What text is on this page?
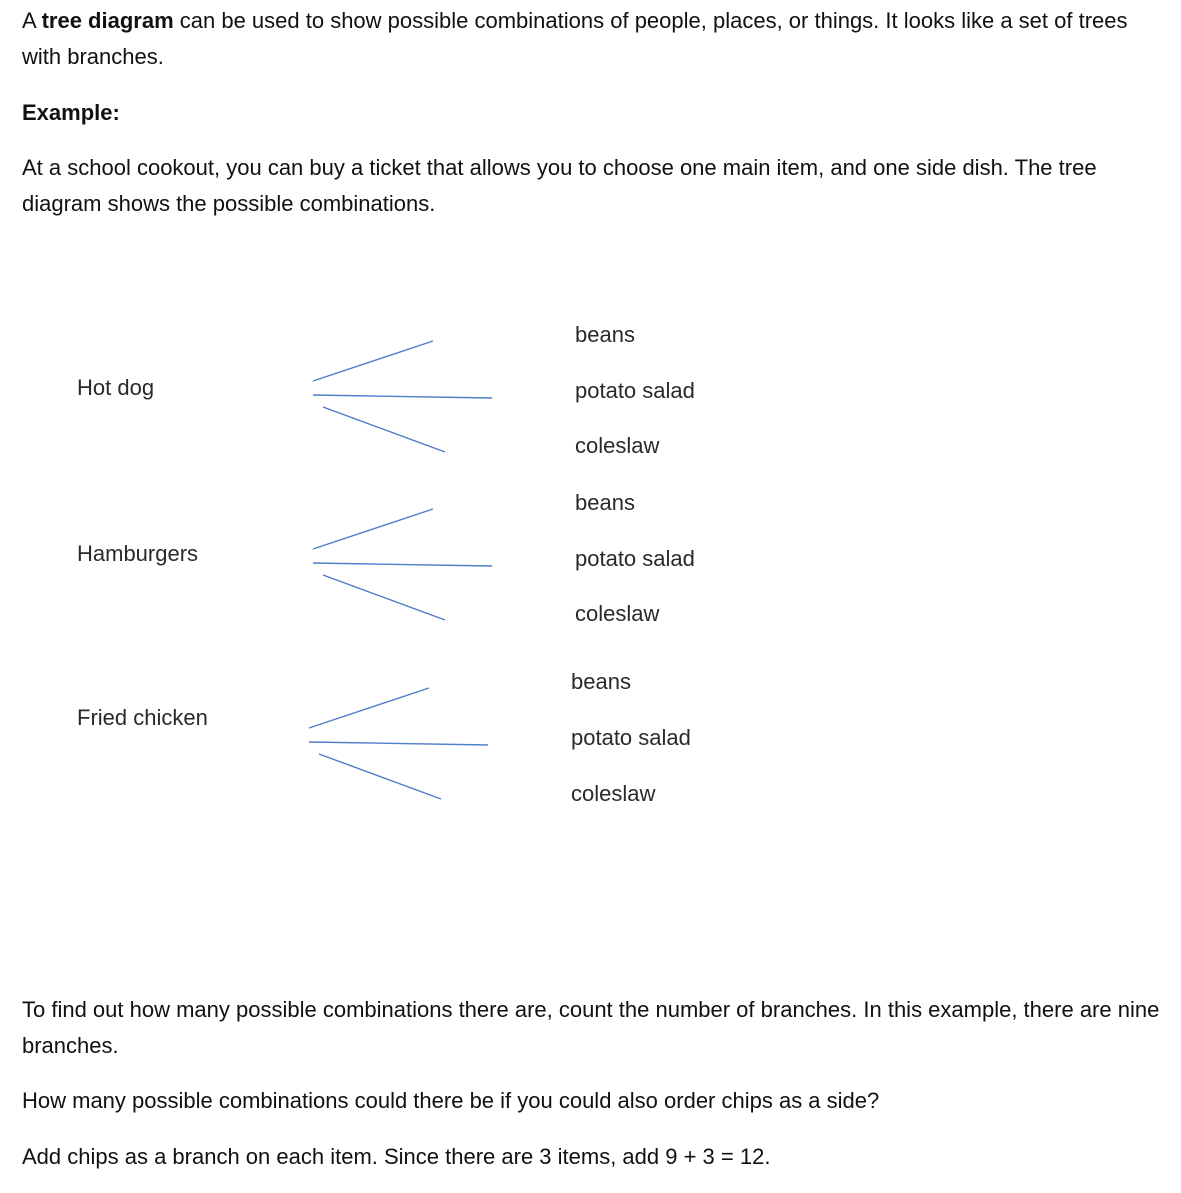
A tree diagram can be used to show possible combinations of people, places, or things. It looks like a set of trees with branches.

Example:

At a school cookout, you can buy a ticket that allows you to choose one main item, and one side dish. The tree diagram shows the possible combinations.

Hot dog
Hamburgers
Fried chicken
beans
potato salad
coleslaw
beans
potato salad
coleslaw
beans
potato salad
coleslaw

To find out how many possible combinations there are, count the number of branches. In this example, there are nine branches.

How many possible combinations could there be if you could also order chips as a side?

Add chips as a branch on each item. Since there are 3 items, add 9 + 3 = 12.
